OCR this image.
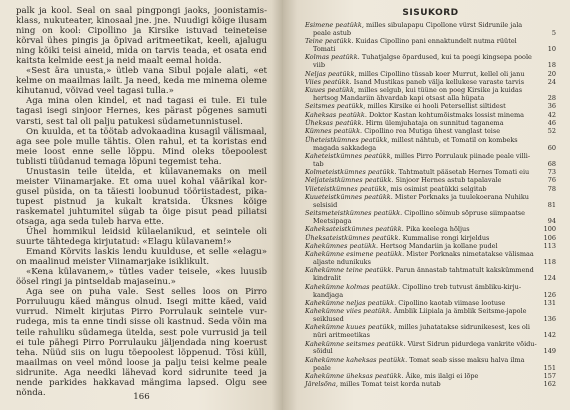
palk ja kool. Seal on saal pingpongi jaoks, joonistamisklass, nukuteater, kinosaal jne. jne. Nuudigi kõige ilusam ning on kool: Cipollino ja Kirsike istuvad teineteise kõrval ühes pingis ja õpivad aritmeetikat, keeli, ajalugu ning kõiki teisi aineid, mida on tarvis teada, et osata end kaitsta kelmide eest ja neid maalt eemal hoida.

«Sest ära unusta,» ütleb vana Sibul pojale alati, «et kelme on maailmas lailt. Ja need, keda me minema oleme kihutanud, võivad veel tagasi tulla.»

Aga mina olen kindel, et nad tagasi ei tule. Ei tule tagasi isegi sinjoor Hernes, kes pärast põgenes samuti varsti, sest tal oli palju patukesi südametunnistusel.

On kuulda, et ta töötab advokaadina kusagil välismaal, aga see pole mulle tähtis. Olen rahul, et ta koristas end meie loost enne selle lõppu. Mind oleks tõepoolest tublisti tüüdanud temaga lõpuni tegemist teha.

Unustasin teile ütelda, et külavanemaks on meil meister Viinamarjake. Et oma uuel kohal väärikal korgusel püsida, on ta täiesti loobunud tööriistadest, pikatupest pistnud ja kukalt kratsida. Üksnes kõige raskematel juhtumitel sügab ta õige pisut pead piliatsi otsaga, aga seda tuleb harva ette.

Ühel hommikul leidsid külaelanikud, et seintele oli suurte tähtedega kirjutatud: «Elagu külavanem!»

Emand Kõrvits laskis lendu kuulduse, et selle «elagu» on maalinud meister Viinamarjake isiklikult.

«Kena külavanem,» tütles vader teisele, «kes luusib öösel ringi ja pintseldab majaseinu.»

Aga see on puha vale. Sest selles loos on Pirro Porruluugu käed mängus olnud. Isegi mitte käed, vaid vurrud. Nimelt kirjutas Pirro Porrulauk seintele vurrudega, mis ta enne tindi sisse oli kastnud. Seda võin ma teile rahuliku südamega ütelda, sest pole vurrusid ja teil ei tule pähegi Pirro Porrulauku jäljendada ning koerust teha. Nüüd siis on lugu tõepoolest lõppenud. Tõsi küll, maailmas on veel mõnd loose ja palju teisi kelme peale sidrunite. Aga needki lähevad kord sidrunite teed ja nende parkides hakkavad mängima lapsed. Olgu see nõnda.	166
SISUKORD
Esimene peatükk, milles sibulapapu Cipollone vürst Sidrunile jala peale astub	5
Teine peatükk. Kuidas Cipollino pani ennaktundelt nutma rüütel Tomati	10
Kolmas peatükk. Tuhatjalgse õpardused, kui ta poegi kingsepa poole viib	18
Neljas peatükk, milles Cipollino tüssab koer Murrut, kellel oli janu	20
Viies peatükk. Isand Mustikas paneb välja kellukese varaste tarvis	24
Kuues peatükk, milles selgub, kui tüüne on poeg Kirsike ja kuidas hertsog Mandariin ähvardab kapi otsast alla hüpata	28
Seitsmes peatükk, milles Kirsike ei hooli Petersellist siltidest	36
Kaheksas peatükk. Doktor Kastan kohtumõistmaks lossist minema	42
Üheksas peatükk. Hirm ülemjuhataja on sunnitud taganema	46
Kümnes peatükk. Cipollino rea Mutiga ühest vanglast teise	52
Üheteistkümnes peatükk, millest nähtub, et Tomatil on kombeks magada sakkadega	60
Kaheteistkümnes peatükk, milles Pirro Porrulauk piinade peale villitab	68
Kolmeteistkümnes peatükk. Tahtmatult pääsetab Hernes Tomati eiu	73
Neljateistkümnes peatükk. Sinjoor Hernes astub tapalavale	76
Viieteistkümnes peatükk, mis osimist peatükki selgitab	78
Kuueteistkümnes peatükk. Mister Porknaks ja tuulekoerana Nuhiku selsisid	81
Seitsmeteistkümnes peatükk. Cipollino sõimub sõpruse siimpaatse Meetsipaga	94
Kaheksateistkümnes peatükk. Pika keelega hõljus	100
Üheksateistkümnes peatükk. Kummalise rongi kirjeldus	106
Kahekümnes peatükk. Hertsog Mandariin ja kollane pudel	113
Kahekümne esimene peatükk. Mister Porknaks nimetatakse välismaa aljaste ndunikuks	118
Kahekümne teine peatükk. Parun ännastab tahtmatult kakskümmend kindralit	124
Kahekümne kolmas peatükk. Cipollino treb tutvust ämbliku-kirjukandjaga	126
Kahekümne neljas peatükk. Cipollino kaotab viimase lootuse	131
Kahekümne viies peatükk. Ämblik Liipiala ja ämblik Seitsme-japole seiklused	136
Kahekümne kuues peatükk, milles juhatatakse sidrunikesest, kes oli nüri aritmeetikas	142
Kahekümne seitsmes peatükk. Vürst Sidrun pidurdega vankrite võidusõidul	149
Kahekümne kaheksas peatükk. Tomat seab sisse maksu halva ilma peale	151
Kahekümne üheksas peatükk. Äike, mis ilalgi ei lõpe	157
Järelsõna, milles Tomat teist korda nutab	162
